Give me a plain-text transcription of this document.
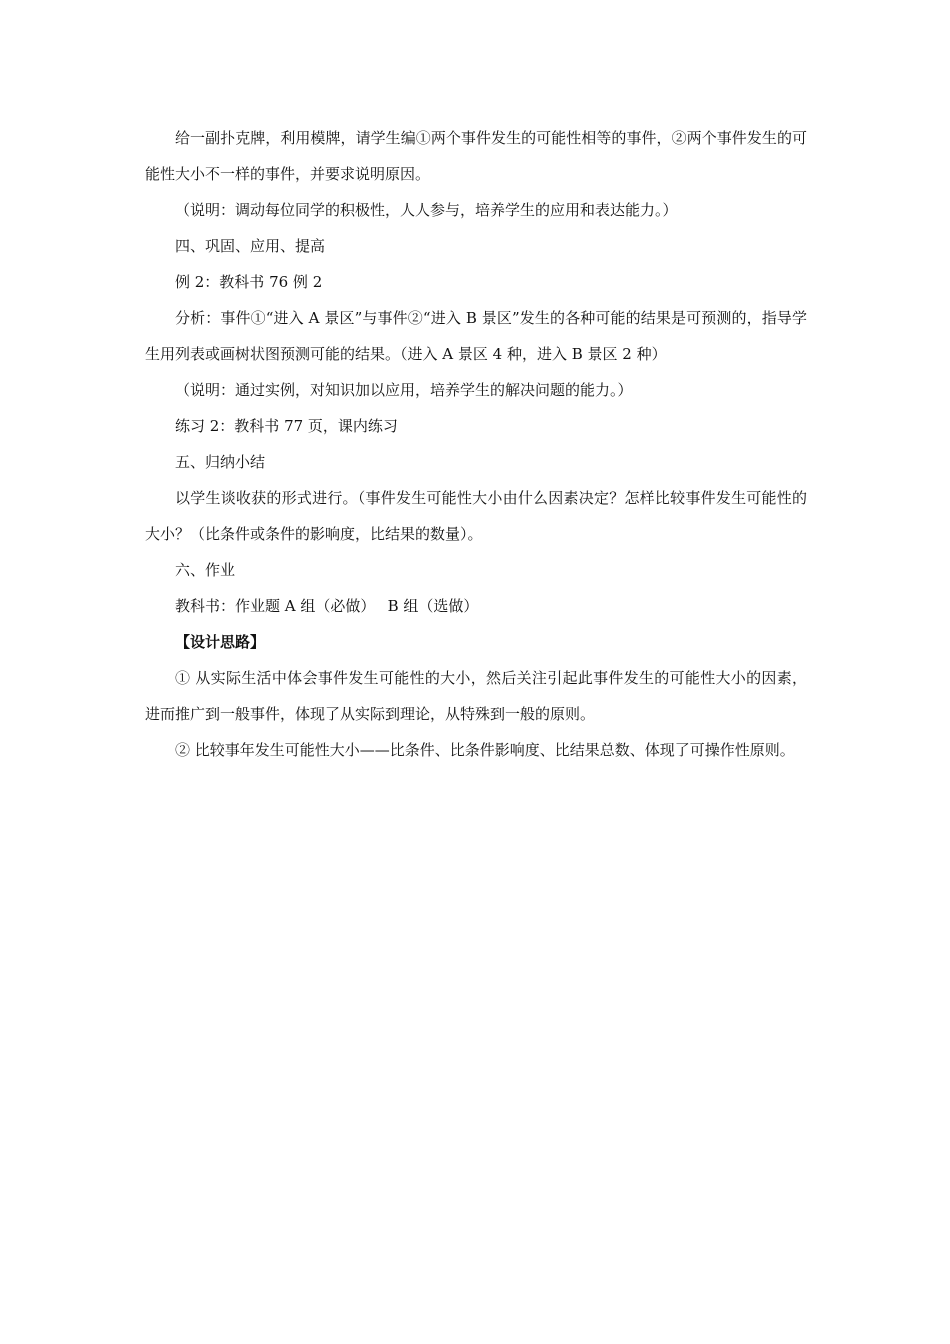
给一副扑克牌，利用模牌，请学生编①两个事件发生的可能性相等的事件，②两个事件发生的可能性大小不一样的事件，并要求说明原因。

（说明：调动每位同学的积极性，人人参与，培养学生的应用和表达能力。）

四、巩固、应用、提高

例 2：教科书 76 例 2

分析：事件①“进入 A 景区”与事件②“进入 B 景区”发生的各种可能的结果是可预测的，指导学生用列表或画树状图预测可能的结果。（进入 A 景区 4 种，进入 B 景区 2 种）

（说明：通过实例，对知识加以应用，培养学生的解决问题的能力。）

练习 2：教科书 77 页，课内练习

五、归纳小结

以学生谈收获的形式进行。（事件发生可能性大小由什么因素决定？怎样比较事件发生可能性的大小？（比条件或条件的影响度，比结果的数量）。

六、作业

教科书：作业题 A 组（必做）　 B 组（选做）

【设计思路】

① 从实际生活中体会事件发生可能性的大小，然后关注引起此事件发生的可能性大小的因素，进而推广到一般事件，体现了从实际到理论，从特殊到一般的原则。

② 比较事年发生可能性大小——比条件、比条件影响度、比结果总数、体现了可操作性原则。
